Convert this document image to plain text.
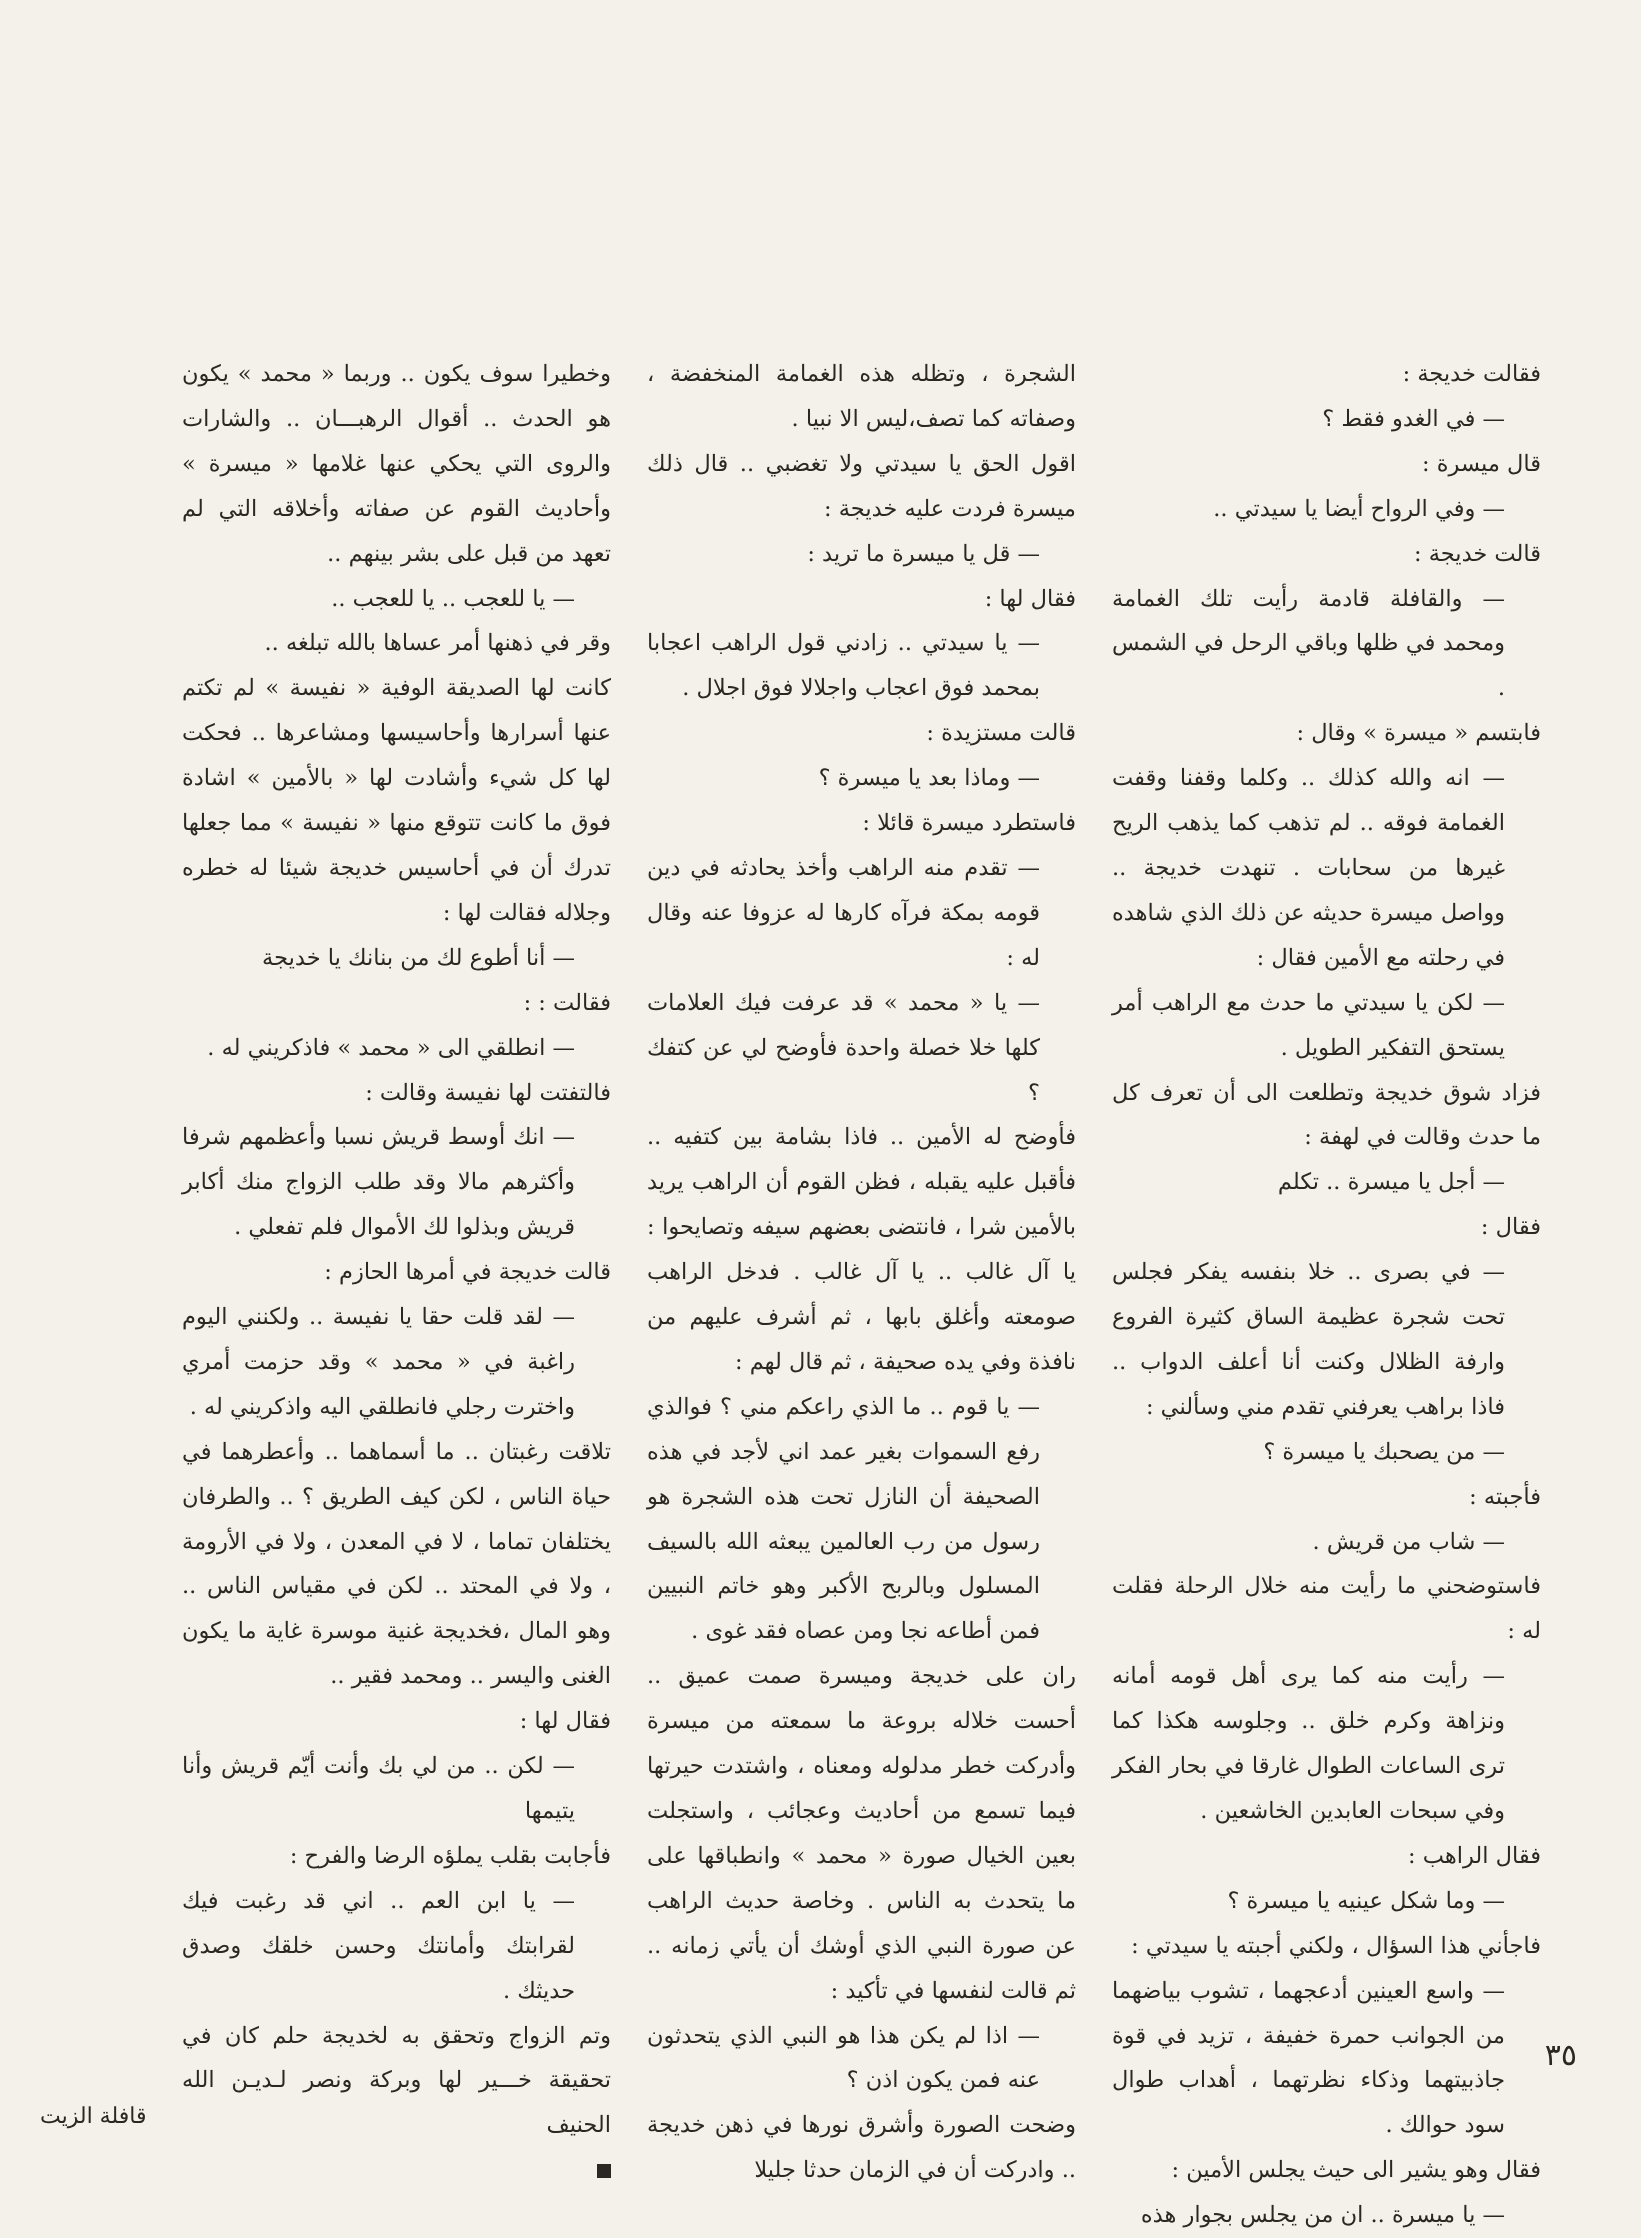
فقالت خديجة :

— في الغدو فقط ؟

قال ميسرة :

— وفي الرواح أيضا يا سيدتي ..

قالت خديجة :

— والقافلة قادمة رأيت تلك الغمامة ومحمد في ظلها وباقي الرحل في الشمس .

فابتسم « ميسرة » وقال :

— انه والله كذلك .. وكلما وقفنا وقفت الغمامة فوقه .. لم تذهب كما يذهب الريح غيرها من سحابات . تنهدت خديجة .. وواصل ميسرة حديثه عن ذلك الذي شاهده في رحلته مع الأمين فقال :

— لكن يا سيدتي ما حدث مع الراهب أمر يستحق التفكير الطويل .

فزاد شوق خديجة وتطلعت الى أن تعرف كل ما حدث وقالت في لهفة :

— أجل يا ميسرة .. تكلم

فقال :

— في بصرى .. خلا بنفسه يفكر فجلس تحت شجرة عظيمة الساق كثيرة الفروع وارفة الظلال وكنت أنا أعلف الدواب .. فاذا براهب يعرفني تقدم مني وسألني :

— من يصحبك يا ميسرة ؟

فأجبته :

— شاب من قريش .

فاستوضحني ما رأيت منه خلال الرحلة فقلت له :

— رأيت منه كما يرى أهل قومه أمانه ونزاهة وكرم خلق .. وجلوسه هكذا كما ترى الساعات الطوال غارقا في بحار الفكر وفي سبحات العابدين الخاشعين .

فقال الراهب :

— وما شكل عينيه يا ميسرة ؟

فاجأني هذا السؤال ، ولكني أجبته يا سيدتي :

— واسع العينين أدعجهما ، تشوب بياضهما من الجوانب حمرة خفيفة ، تزيد في قوة جاذبيتهما وذكاء نظرتهما ، أهداب طوال سود حوالك .

فقال وهو يشير الى حيث يجلس الأمين :

— يا ميسرة .. ان من يجلس بجوار هذه

الشجرة ، وتظله هذه الغمامة المنخفضة ، وصفاته كما تصف،ليس الا نبيا .

اقول الحق يا سيدتي ولا تغضبي .. قال ذلك ميسرة فردت عليه خديجة :

— قل يا ميسرة ما تريد :

فقال لها :

— يا سيدتي .. زادني قول الراهب اعجابا بمحمد فوق اعجاب واجلالا فوق اجلال .

قالت مستزيدة :

— وماذا بعد يا ميسرة ؟

فاستطرد ميسرة قائلا :

— تقدم منه الراهب وأخذ يحادثه في دين قومه بمكة فرآه كارها له عزوفا عنه وقال له :

— يا « محمد » قد عرفت فيك العلامات كلها خلا خصلة واحدة فأوضح لي عن كتفك ؟

فأوضح له الأمين .. فاذا بشامة بين كتفيه .. فأقبل عليه يقبله ، فظن القوم أن الراهب يريد بالأمين شرا ، فانتضى بعضهم سيفه وتصايحوا : يا آل غالب .. يا آل غالب . فدخل الراهب صومعته وأغلق بابها ، ثم أشرف عليهم من نافذة وفي يده صحيفة ، ثم قال لهم :

— يا قوم .. ما الذي راعكم مني ؟ فوالذي رفع السموات بغير عمد اني لأجد في هذه الصحيفة أن النازل تحت هذه الشجرة هو رسول من رب العالمين يبعثه الله بالسيف المسلول وبالربح الأكبر وهو خاتم النبيين فمن أطاعه نجا ومن عصاه فقد غوى .

ران على خديجة وميسرة صمت عميق .. أحست خلاله بروعة ما سمعته من ميسرة وأدركت خطر مدلوله ومعناه ، واشتدت حيرتها فيما تسمع من أحاديث وعجائب ، واستجلت بعين الخيال صورة « محمد » وانطباقها على ما يتحدث به الناس . وخاصة حديث الراهب عن صورة النبي الذي أوشك أن يأتي زمانه .. ثم قالت لنفسها في تأكيد :

— اذا لم يكن هذا هو النبي الذي يتحدثون عنه فمن يكون اذن ؟

وضحت الصورة وأشرق نورها في ذهن خديجة .. وادركت أن في الزمان حدثا جليلا

وخطيرا سوف يكون .. وربما « محمد » يكون هو الحدث .. أقوال الرهبـــان .. والشارات والروى التي يحكي عنها غلامها « ميسرة » وأحاديث القوم عن صفاته وأخلاقه التي لم تعهد من قبل على بشر بينهم ..

— يا للعجب .. يا للعجب ..

وقر في ذهنها أمر عساها بالله تبلغه ..

كانت لها الصديقة الوفية « نفيسة » لم تكتم عنها أسرارها وأحاسيسها ومشاعرها .. فحكت لها كل شيء وأشادت لها « بالأمين » اشادة فوق ما كانت تتوقع منها « نفيسة » مما جعلها تدرك أن في أحاسيس خديجة شيئا له خطره وجلاله فقالت لها :

— أنا أطوع لك من بنانك يا خديجة

فقالت : :

— انطلقي الى « محمد » فاذكريني له .

فالتفتت لها نفيسة وقالت :

— انك أوسط قريش نسبا وأعظمهم شرفا وأكثرهم مالا وقد طلب الزواج منك أكابر قريش وبذلوا لك الأموال فلم تفعلي .

قالت خديجة في أمرها الحازم :

— لقد قلت حقا يا نفيسة .. ولكنني اليوم راغبة في « محمد » وقد حزمت أمري واخترت رجلي فانطلقي اليه واذكريني له .

تلاقت رغبتان .. ما أسماهما .. وأعطرهما في حياة الناس ، لكن كيف الطريق ؟ .. والطرفان يختلفان تماما ، لا في المعدن ، ولا في الأرومة ، ولا في المحتد .. لكن في مقياس الناس .. وهو المال ،فخديجة غنية موسرة غاية ما يكون الغنى واليسر .. ومحمد فقير ..

فقال لها :

— لكن .. من لي بك وأنت أيّم قريش وأنا يتيمها

فأجابت بقلب يملؤه الرضا والفرح :

— يا ابن العم .. اني قد رغبت فيك لقرابتك وأمانتك وحسن خلقك وصدق حديثك .

وتم الزواج وتحقق به لخديجة حلم كان في تحقيقة خـــير لها وبركة ونصر لـديـن الله الحنيف

٣٥
قافلة الزيت
